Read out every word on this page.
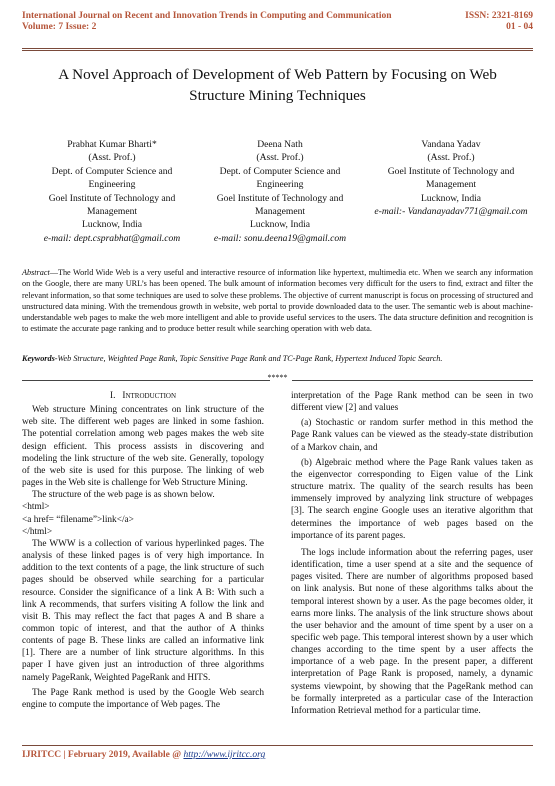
International Journal on Recent and Innovation Trends in Computing and Communication
Volume: 7 Issue: 2
ISSN: 2321-8169
01 - 04
A Novel Approach of Development of Web Pattern by Focusing on Web Structure Mining Techniques
Prabhat Kumar Bharti*
(Asst. Prof.)
Dept. of Computer Science and
Engineering
Goel Institute of Technology and
Management
Lucknow, India
e-mail: dept.csprabhat@gmail.com
Deena Nath
(Asst. Prof.)
Dept. of Computer Science and
Engineering
Goel Institute of Technology and
Management
Lucknow, India
e-mail: sonu.deena19@gmail.com
Vandana Yadav
(Asst. Prof.)
Goel Institute of Technology and
Management
Lucknow, India
e-mail:- Vandanayadav771@gmail.com
Abstract—The World Wide Web is a very useful and interactive resource of information like hypertext, multimedia etc. When we search any information on the Google, there are many URL’s has been opened. The bulk amount of information becomes very difficult for the users to find, extract and filter the relevant information, so that some techniques are used to solve these problems. The objective of current manuscript is focus on processing of structured and unstructured data mining. With the tremendous growth in website, web portal to provide downloaded data to the user. The semantic web is about machine-understandable web pages to make the web more intelligent and able to provide useful services to the users. The data structure definition and recognition is to estimate the accurate page ranking and to produce better result while searching operation with web data.
Keywords-Web Structure, Weighted Page Rank, Topic Sensitive Page Rank and TC-Page Rank, Hypertext Induced Topic Search.
*****
I. Introduction

Web structure Mining concentrates on link structure of the web site. The different web pages are linked in some fashion. The potential correlation among web pages makes the web site design efficient. This process assists in discovering and modeling the link structure of the web site. Generally, topology of the web site is used for this purpose. The linking of web pages in the Web site is challenge for Web Structure Mining.

The structure of the web page is as shown below.

<html>

<a href= “filename”>link</a>

</html>

The WWW is a collection of various hyperlinked pages. The analysis of these linked pages is of very high importance. In addition to the text contents of a page, the link structure of such pages should be observed while searching for a particular resource. Consider the significance of a link A B: With such a link A recommends, that surfers visiting A follow the link and visit B. This may reflect the fact that pages A and B share a common topic of interest, and that the author of A thinks contents of page B. These links are called an informative link [1]. There are a number of link structure algorithms. In this paper I have given just an introduction of three algorithms namely PageRank, Weighted PageRank and HITS.

The Page Rank method is used by the Google Web search engine to compute the importance of Web pages. The

interpretation of the Page Rank method can be seen in two different view [2] and values

(a) Stochastic or random surfer method in this method the Page Rank values can be viewed as the steady-state distribution of a Markov chain, and

(b) Algebraic method where the Page Rank values taken as the eigenvector corresponding to Eigen value of the Link structure matrix. The quality of the search results has been immensely improved by analyzing link structure of webpages [3]. The search engine Google uses an iterative algorithm that determines the importance of web pages based on the importance of its parent pages.

The logs include information about the referring pages, user identification, time a user spend at a site and the sequence of pages visited. There are number of algorithms proposed based on link analysis. But none of these algorithms talks about the temporal interest shown by a user. As the page becomes older, it earns more links. The analysis of the link structure shows about the user behavior and the amount of time spent by a user on a specific web page. This temporal interest shown by a user which changes according to the time spent by a user affects the importance of a web page. In the present paper, a different interpretation of Page Rank is proposed, namely, a dynamic systems viewpoint, by showing that the PageRank method can be formally interpreted as a particular case of the Interaction Information Retrieval method for a particular time.

IJRITCC | February 2019, Available @ http://www.ijritcc.org
